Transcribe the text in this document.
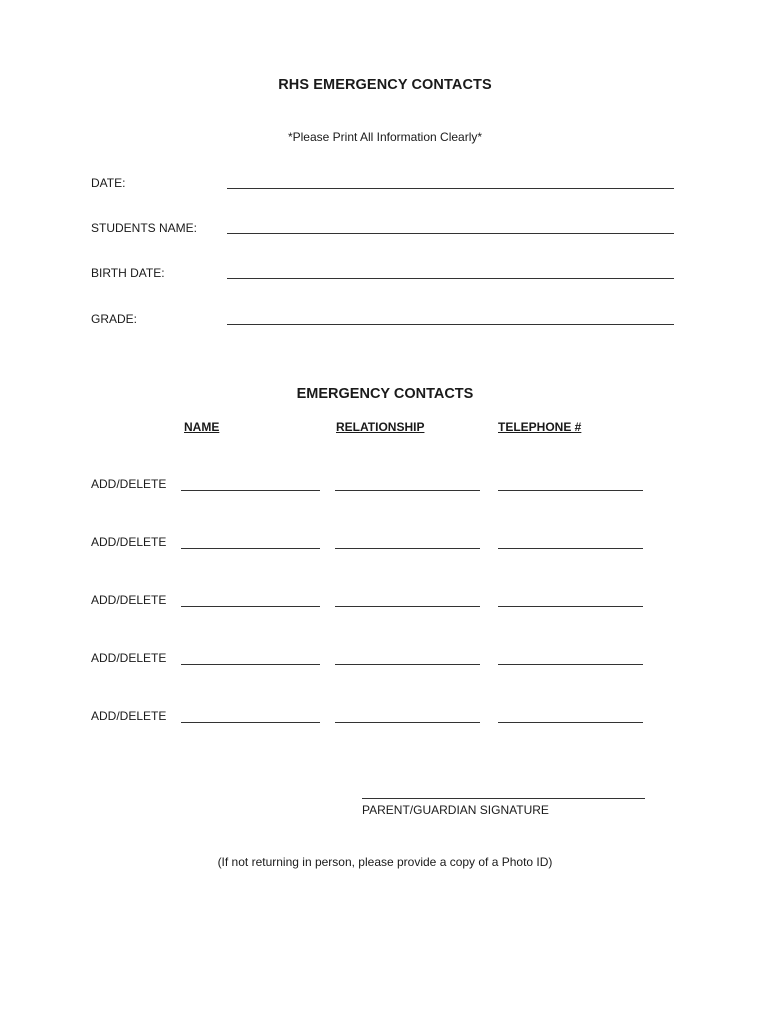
RHS EMERGENCY CONTACTS
*Please Print All Information Clearly*
DATE:
STUDENTS NAME:
BIRTH DATE:
GRADE:
EMERGENCY CONTACTS
NAME	RELATIONSHIP	TELEPHONE #
ADD/DELETE
ADD/DELETE
ADD/DELETE
ADD/DELETE
ADD/DELETE
PARENT/GUARDIAN SIGNATURE
(If not returning in person, please provide a copy of a Photo ID)
